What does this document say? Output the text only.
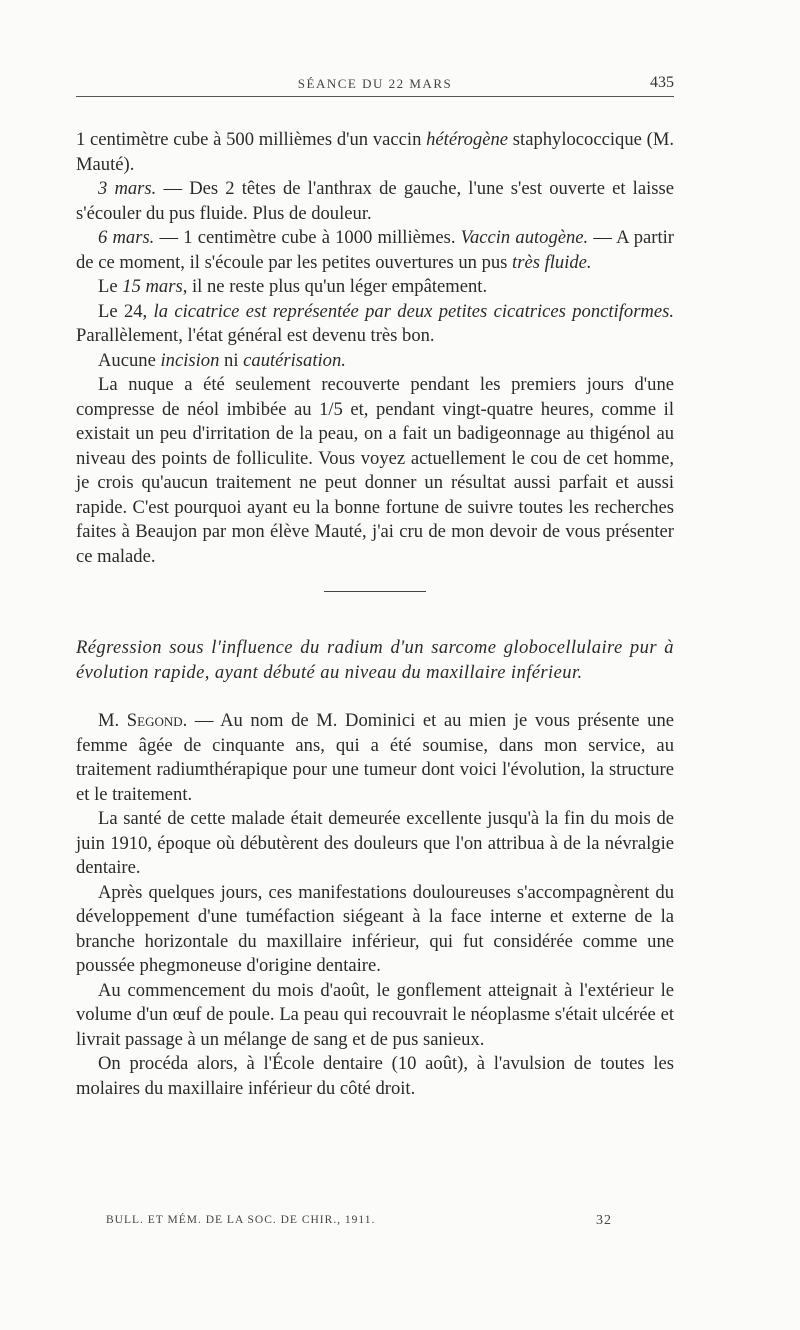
SÉANCE DU 22 MARS	435

1 centimètre cube à 500 millièmes d'un vaccin hétérogène staphylococcique (M. Mauté).

3 mars. — Des 2 têtes de l'anthrax de gauche, l'une s'est ouverte et laisse s'écouler du pus fluide. Plus de douleur.

6 mars. — 1 centimètre cube à 1000 millièmes. Vaccin autogène. — A partir de ce moment, il s'écoule par les petites ouvertures un pus très fluide.

Le 15 mars, il ne reste plus qu'un léger empâtement.

Le 24, la cicatrice est représentée par deux petites cicatrices ponctiformes. Parallèlement, l'état général est devenu très bon.

Aucune incision ni cautérisation.

La nuque a été seulement recouverte pendant les premiers jours d'une compresse de néol imbibée au 1/5 et, pendant vingt-quatre heures, comme il existait un peu d'irritation de la peau, on a fait un badigeonnage au thigénol au niveau des points de folliculite. Vous voyez actuellement le cou de cet homme, je crois qu'aucun traitement ne peut donner un résultat aussi parfait et aussi rapide. C'est pourquoi ayant eu la bonne fortune de suivre toutes les recherches faites à Beaujon par mon élève Mauté, j'ai cru de mon devoir de vous présenter ce malade.

Régression sous l'influence du radium d'un sarcome globocellulaire pur à évolution rapide, ayant débuté au niveau du maxillaire inférieur.

M. Segond. — Au nom de M. Dominici et au mien je vous présente une femme âgée de cinquante ans, qui a été soumise, dans mon service, au traitement radiumthérapique pour une tumeur dont voici l'évolution, la structure et le traitement.

La santé de cette malade était demeurée excellente jusqu'à la fin du mois de juin 1910, époque où débutèrent des douleurs que l'on attribua à de la névralgie dentaire.

Après quelques jours, ces manifestations douloureuses s'accompagnèrent du développement d'une tuméfaction siégeant à la face interne et externe de la branche horizontale du maxillaire inférieur, qui fut considérée comme une poussée phegmoneuse d'origine dentaire.

Au commencement du mois d'août, le gonflement atteignait à l'extérieur le volume d'un œuf de poule. La peau qui recouvrait le néoplasme s'était ulcérée et livrait passage à un mélange de sang et de pus sanieux.

On procéda alors, à l'École dentaire (10 août), à l'avulsion de toutes les molaires du maxillaire inférieur du côté droit.

BULL. ET MÉM. DE LA SOC. DE CHIR., 1911.	32
